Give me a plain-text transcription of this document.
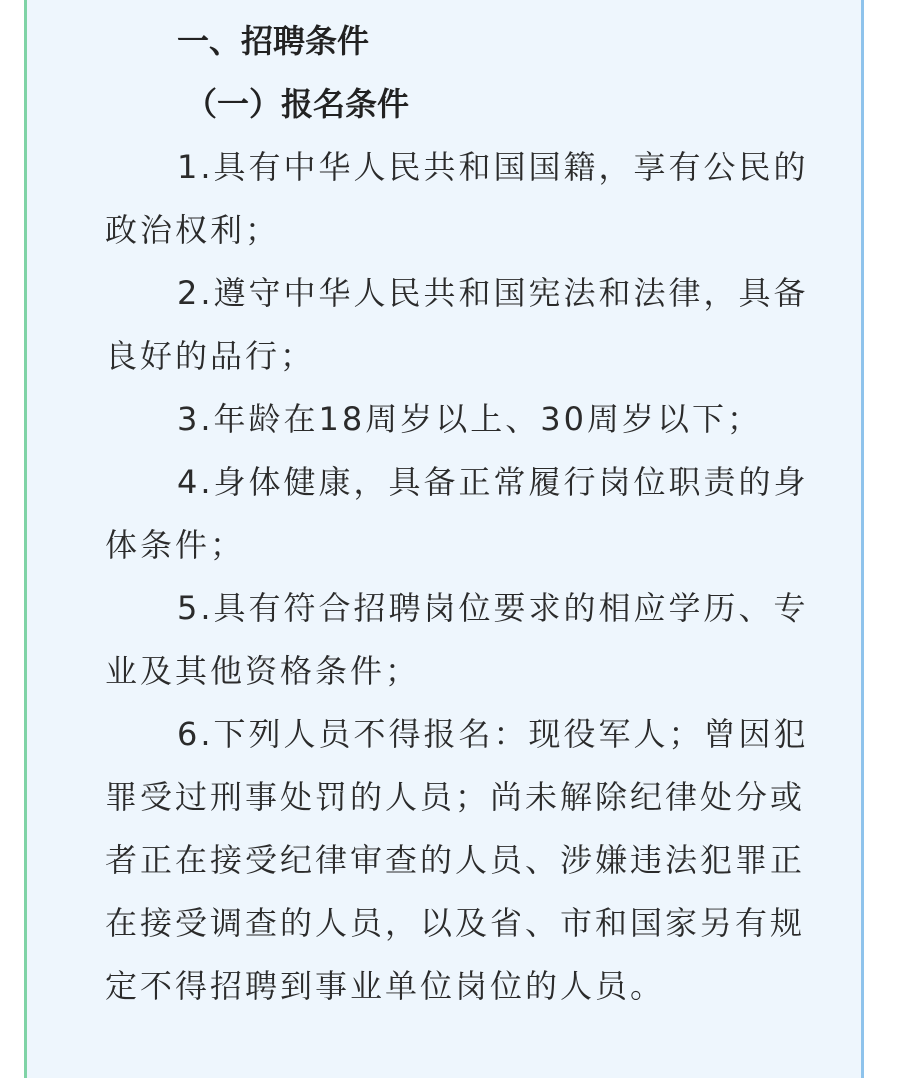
一、招聘条件
（一）报名条件

1.具有中华人民共和国国籍，享有公民的政治权利；

2.遵守中华人民共和国宪法和法律，具备良好的品行；

3.年龄在18周岁以上、30周岁以下；

4.身体健康，具备正常履行岗位职责的身体条件；

5.具有符合招聘岗位要求的相应学历、专业及其他资格条件；

6.下列人员不得报名：现役军人；曾因犯罪受过刑事处罚的人员；尚未解除纪律处分或者正在接受纪律审查的人员、涉嫌违法犯罪正在接受调查的人员，以及省、市和国家另有规定不得招聘到事业单位岗位的人员。
